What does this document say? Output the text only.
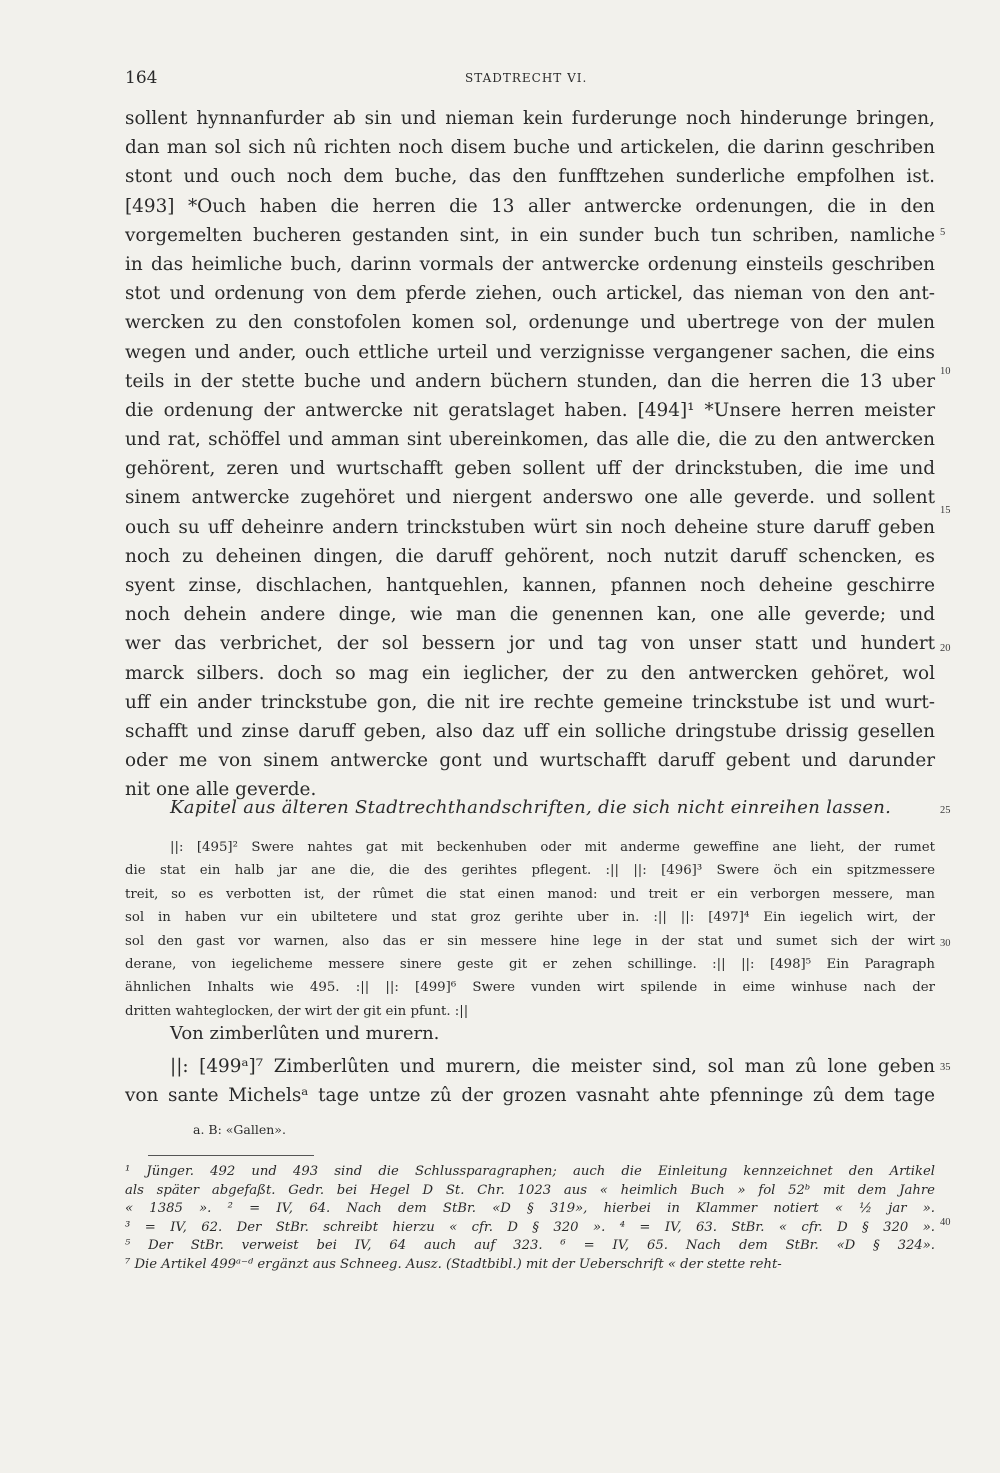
164	STADTRECHT VI.
sollent hynnanfurder ab sin und nieman kein furderunge noch hinderunge bringen,
dan man sol sich nû richten noch disem buche und artickelen, die darinn geschriben
stont und ouch noch dem buche, das den funfftzehen sunderliche empfolhen ist.
[493] *Ouch haben die herren die 13 aller antwercke ordenungen, die in den
vorgemelten bucheren gestanden sint, in ein sunder buch tun schriben, namliche
in das heimliche buch, darinn vormals der antwercke ordenung einsteils geschriben
stot und ordenung von dem pferde ziehen, ouch artickel, das nieman von den ant-
wercken zu den constofolen komen sol, ordenunge und ubertrege von der mulen
wegen und ander, ouch ettliche urteil und verzignisse vergangener sachen, die eins
teils in der stette buche und andern büchern stunden, dan die herren die 13 uber
die ordenung der antwercke nit geratslaget haben. [494]¹ *Unsere herren meister
und rat, schöffel und amman sint ubereinkomen, das alle die, die zu den antwercken
gehörent, zeren und wurtschafft geben sollent uff der drinckstuben, die ime und
sinem antwercke zugehöret und niergent anderswo one alle geverde. und sollent
ouch su uff deheinre andern trinckstuben würt sin noch deheine sture daruff geben
noch zu deheinen dingen, die daruff gehörent, noch nutzit daruff schencken, es
syent zinse, dischlachen, hantquehlen, kannen, pfannen noch deheine geschirre
noch dehein andere dinge, wie man die genennen kan, one alle geverde; und
wer das verbrichet, der sol bessern jor und tag von unser statt und hundert
marck silbers. doch so mag ein ieglicher, der zu den antwercken gehöret, wol
uff ein ander trinckstube gon, die nit ire rechte gemeine trinckstube ist und wurt-
schafft und zinse daruff geben, also daz uff ein solliche dringstube drissig gesellen
oder me von sinem antwercke gont und wurtschafft daruff gebent und darunder
nit one alle geverde.
5
10
15
20
25
30
35
40
Kapitel aus älteren Stadtrechthandschriften, die sich nicht einreihen lassen.
||: [495]² Swere nahtes gat mit beckenhuben oder mit anderme geweffine ane lieht, der rumet
die stat ein halb jar ane die, die des gerihtes pflegent. :|| ||: [496]³ Swere öch ein spitzmessere
treit, so es verbotten ist, der rûmet die stat einen manod: und treit er ein verborgen messere, man
sol in haben vur ein ubiltetere und stat groz gerihte uber in. :|| ||: [497]⁴ Ein iegelich wirt, der
sol den gast vor warnen, also das er sin messere hine lege in der stat und sumet sich der wirt
derane, von iegelicheme messere sinere geste git er zehen schillinge. :|| ||: [498]⁵ Ein Paragraph
ähnlichen Inhalts wie 495. :|| ||: [499]⁶ Swere vunden wirt spilende in eime winhuse nach der
dritten wahteglocken, der wirt der git ein pfunt. :||
Von zimberlûten und murern.
||: [499ᵃ]⁷ Zimberlûten und murern, die meister sind, sol man zû lone geben
von sante Michelsᵃ tage untze zû der grozen vasnaht ahte pfenninge zû dem tage
a. B: «Gallen».
¹ Jünger. 492 und 493 sind die Schlussparagraphen; auch die Einleitung kennzeichnet den Artikel
als später abgefaßt. Gedr. bei Hegel D St. Chr. 1023 aus « heimlich Buch » fol 52ᵇ mit dem Jahre
« 1385 ». ² = IV, 64. Nach dem StBr. «D § 319», hierbei in Klammer notiert « ½ jar ».
³ = IV, 62. Der StBr. schreibt hierzu « cfr. D § 320 ». ⁴ = IV, 63. StBr. « cfr. D § 320 ».
⁵ Der StBr. verweist bei IV, 64 auch auf 323. ⁶ = IV, 65. Nach dem StBr. «D § 324».
⁷ Die Artikel 499ᵃ⁻ᵈ ergänzt aus Schneeg. Ausz. (Stadtbibl.) mit der Ueberschrift « der stette reht-
